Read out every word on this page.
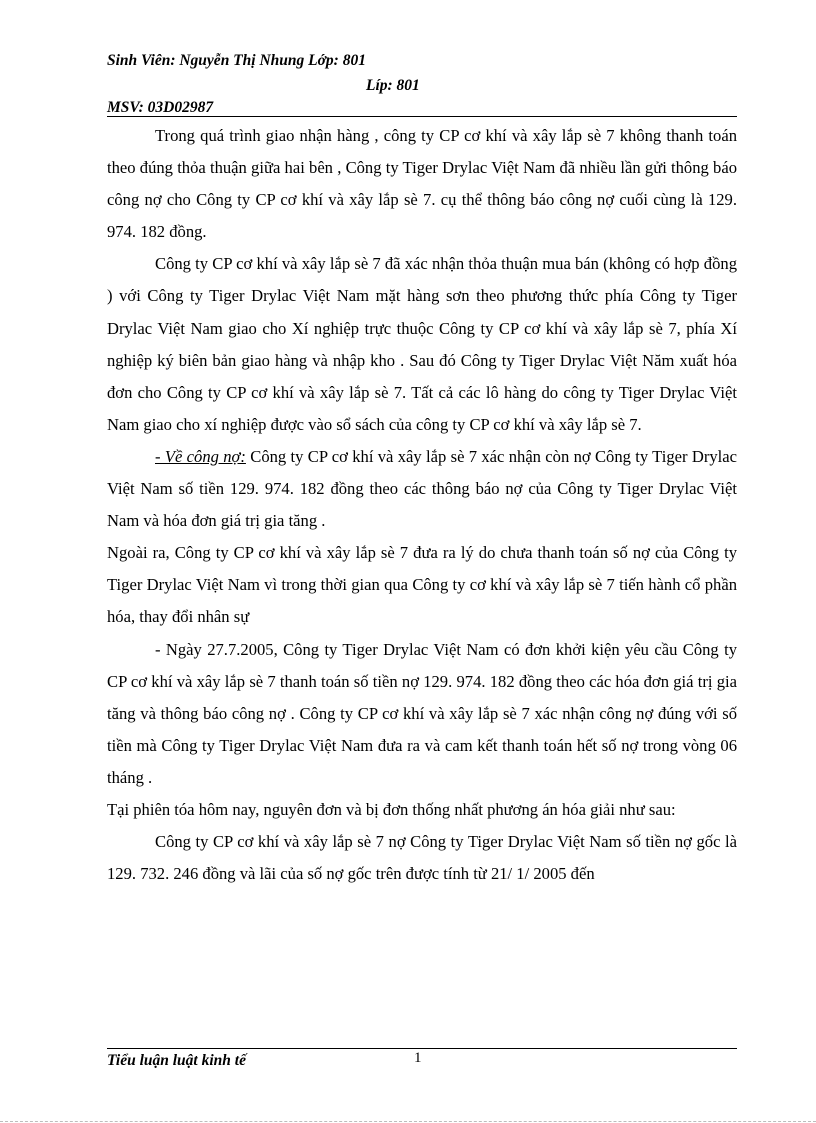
Sinh Viên: Nguyễn Thị Nhung Lớp: 801
Líp: 801
MSV: 03D02987

Trong quá trình giao nhận hàng , công ty CP cơ khí và xây lắp sè 7 không thanh toán theo đúng thỏa thuận giữa hai bên , Công ty Tiger Drylac Việt Nam đã nhiều lần gửi thông báo công nợ cho Công ty CP cơ khí và xây lắp sè 7. cụ thể thông báo công nợ cuối cùng là 129. 974. 182 đồng.

Công ty CP cơ khí và xây lắp sè 7 đã xác nhận thỏa thuận mua bán (không có hợp đồng ) với Công ty Tiger Drylac Việt Nam mặt hàng sơn theo phương thức phía Công ty Tiger Drylac Việt Nam giao cho Xí nghiệp trực thuộc Công ty CP cơ khí và xây lắp sè 7, phía Xí nghiệp ký biên bản giao hàng và nhập kho . Sau đó Công ty Tiger Drylac Việt Năm xuất hóa đơn cho Công ty CP cơ khí và xây lắp sè 7. Tất cả các lô hàng do công ty Tiger Drylac Việt Nam giao cho xí nghiệp được vào sổ sách của công ty CP cơ khí và xây lắp sè 7.

- Về công nợ: Công ty CP cơ khí và xây lắp sè 7 xác nhận còn nợ Công ty Tiger Drylac Việt Nam số tiền 129. 974. 182 đồng theo các thông báo nợ của Công ty Tiger Drylac Việt Nam và hóa đơn giá trị gia tăng .

Ngoài ra, Công ty CP cơ khí và xây lắp sè 7 đưa ra lý do chưa thanh toán số nợ của Công ty Tiger Drylac Việt Nam vì trong thời gian qua Công ty cơ khí và xây lắp sè 7 tiến hành cổ phần hóa, thay đổi nhân sự

- Ngày 27.7.2005, Công ty Tiger Drylac Việt Nam có đơn khởi kiện yêu cầu Công ty CP cơ khí và xây lắp sè 7 thanh toán số tiền nợ 129. 974. 182 đồng theo các hóa đơn giá trị gia tăng và thông báo công nợ . Công ty CP cơ khí và xây lắp sè 7 xác nhận công nợ đúng với số tiền mà Công ty Tiger Drylac Việt Nam đưa ra và cam kết thanh toán hết số nợ trong vòng 06 tháng .

Tại phiên tóa hôm nay, nguyên đơn và bị đơn thống nhất phương án hóa giải như sau:

Công ty CP cơ khí và xây lắp sè 7 nợ Công ty Tiger Drylac Việt Nam số tiền nợ gốc là 129. 732. 246 đồng và lãi của số nợ gốc trên được tính từ 21/ 1/ 2005 đến

Tiểu luận luật kinh tế	1
